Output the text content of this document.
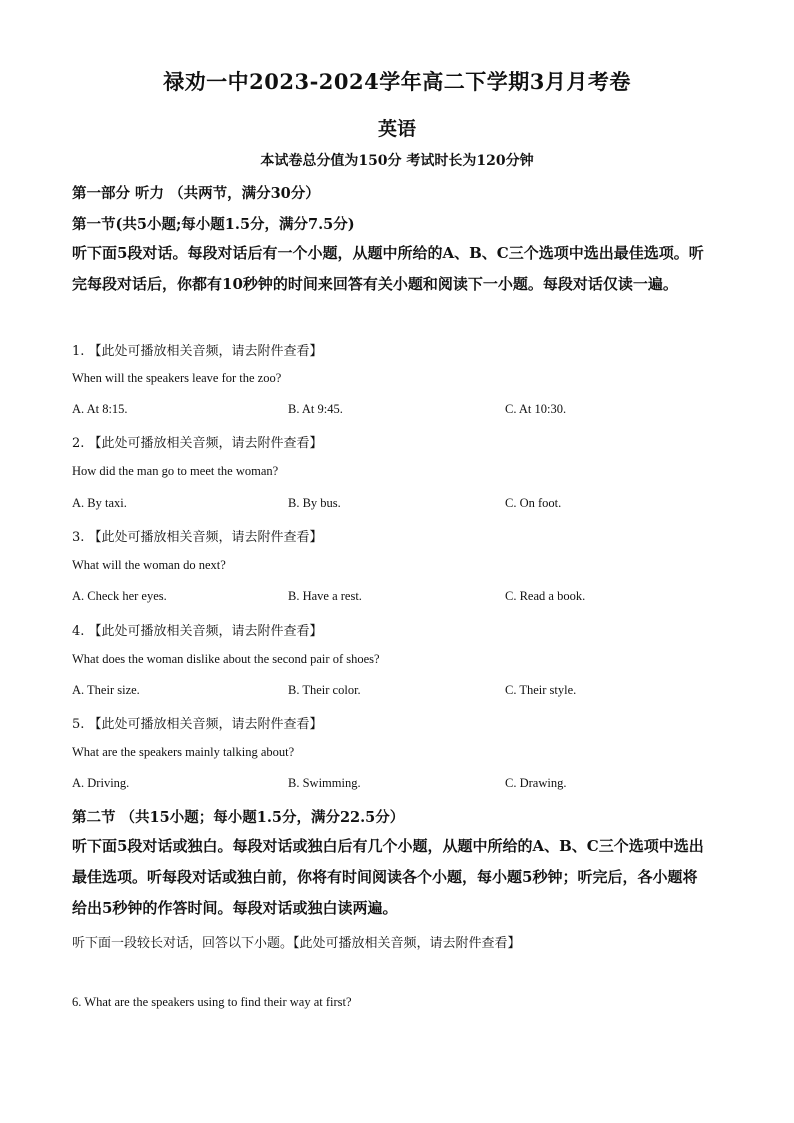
禄劝一中2023-2024学年高二下学期3月月考卷
英语
本试卷总分值为150分 考试时长为120分钟
第一部分 听力 （共两节，满分30分）
第一节(共5小题;每小题1.5分，满分7.5分)
听下面5段对话。每段对话后有一个小题，从题中所给的A、B、C三个选项中选出最佳选项。听完每段对话后，你都有10秒钟的时间来回答有关小题和阅读下一小题。每段对话仅读一遍。
1. 【此处可播放相关音频，请去附件查看】
When will the speakers leave for the zoo?
A. At 8:15.	B. At 9:45.	C. At 10:30.
2. 【此处可播放相关音频，请去附件查看】
How did the man go to meet the woman?
A. By taxi.	B. By bus.	C. On foot.
3. 【此处可播放相关音频，请去附件查看】
What will the woman do next?
A. Check her eyes.	B. Have a rest.	C. Read a book.
4. 【此处可播放相关音频，请去附件查看】
What does the woman dislike about the second pair of shoes?
A. Their size.	B. Their color.	C. Their style.
5. 【此处可播放相关音频，请去附件查看】
What are the speakers mainly talking about?
A. Driving.	B. Swimming.	C. Drawing.
第二节 （共15小题；每小题1.5分，满分22.5分）
听下面5段对话或独白。每段对话或独白后有几个小题，从题中所给的A、B、C三个选项中选出最佳选项。听每段对话或独白前，你将有时间阅读各个小题，每小题5秒钟；听完后，各小题将给出5秒钟的作答时间。每段对话或独白读两遍。
听下面一段较长对话，回答以下小题。【此处可播放相关音频，请去附件查看】
6. What are the speakers using to find their way at first?
